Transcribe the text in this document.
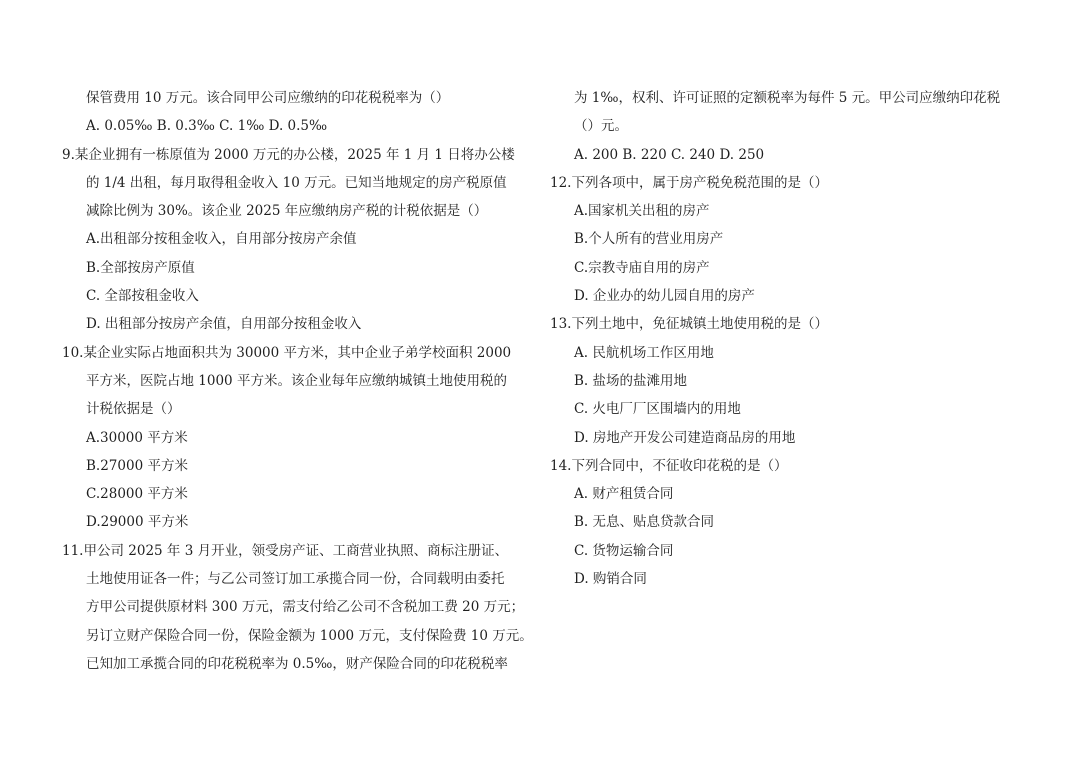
保管费用 10 万元。该合同甲公司应缴纳的印花税税率为（）
A. 0.05‰ B. 0.3‰ C. 1‰ D. 0.5‰
9.某企业拥有一栋原值为 2000 万元的办公楼，2025 年 1 月 1 日将办公楼
的 1/4 出租，每月取得租金收入 10 万元。已知当地规定的房产税原值
减除比例为 30%。该企业 2025 年应缴纳房产税的计税依据是（）
A.出租部分按租金收入，自用部分按房产余值
B.全部按房产原值
C. 全部按租金收入
D. 出租部分按房产余值，自用部分按租金收入
10.某企业实际占地面积共为 30000 平方米，其中企业子弟学校面积 2000
平方米，医院占地 1000 平方米。该企业每年应缴纳城镇土地使用税的
计税依据是（）
A.30000 平方米
B.27000 平方米
C.28000 平方米
D.29000 平方米
11.甲公司 2025 年 3 月开业，领受房产证、工商营业执照、商标注册证、
土地使用证各一件；与乙公司签订加工承揽合同一份，合同载明由委托
方甲公司提供原材料 300 万元，需支付给乙公司不含税加工费 20 万元；
另订立财产保险合同一份，保险金额为 1000 万元，支付保险费 10 万元。
已知加工承揽合同的印花税税率为 0.5‰，财产保险合同的印花税税率
为 1‰，权利、许可证照的定额税率为每件 5 元。甲公司应缴纳印花税
（）元。
A. 200 B. 220 C. 240 D. 250
12.下列各项中，属于房产税免税范围的是（）
A.国家机关出租的房产
B.个人所有的营业用房产
C.宗教寺庙自用的房产
D. 企业办的幼儿园自用的房产
13.下列土地中，免征城镇土地使用税的是（）
A. 民航机场工作区用地
B. 盐场的盐滩用地
C. 火电厂厂区围墙内的用地
D. 房地产开发公司建造商品房的用地
14.下列合同中，不征收印花税的是（）
A. 财产租赁合同
B. 无息、贴息贷款合同
C. 货物运输合同
D. 购销合同
